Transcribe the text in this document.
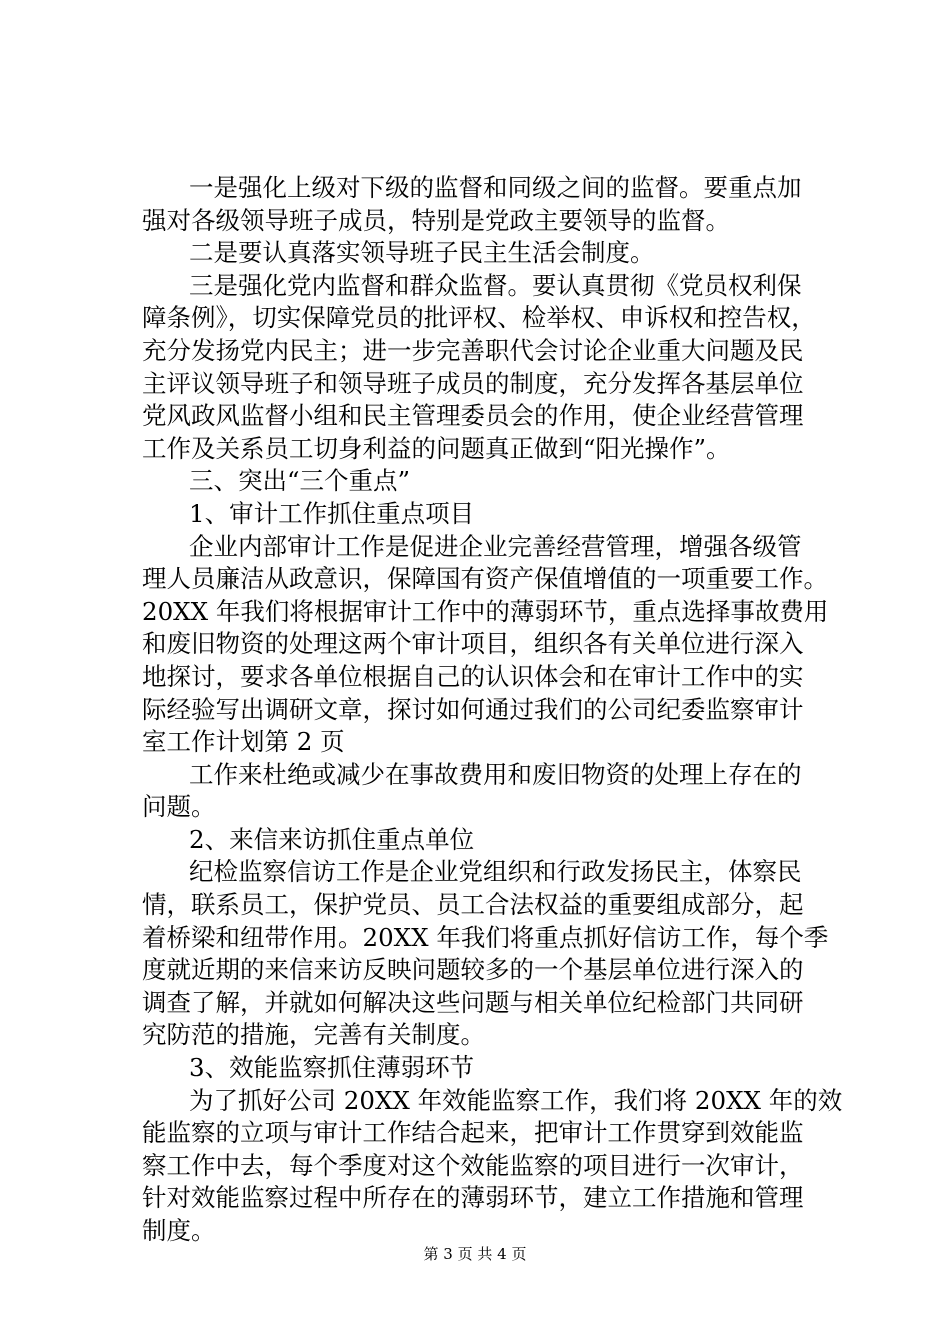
一是强化上级对下级的监督和同级之间的监督。要重点加
强对各级领导班子成员，特别是党政主要领导的监督。
二是要认真落实领导班子民主生活会制度。
三是强化党内监督和群众监督。要认真贯彻《党员权利保
障条例》，切实保障党员的批评权、检举权、申诉权和控告权，
充分发扬党内民主；进一步完善职代会讨论企业重大问题及民
主评议领导班子和领导班子成员的制度，充分发挥各基层单位
党风政风监督小组和民主管理委员会的作用，使企业经营管理
工作及关系员工切身利益的问题真正做到“阳光操作”。
三、突出“三个重点”
1、审计工作抓住重点项目
企业内部审计工作是促进企业完善经营管理，增强各级管
理人员廉洁从政意识，保障国有资产保值增值的一项重要工作。
20XX 年我们将根据审计工作中的薄弱环节，重点选择事故费用
和废旧物资的处理这两个审计项目，组织各有关单位进行深入
地探讨，要求各单位根据自己的认识体会和在审计工作中的实
际经验写出调研文章，探讨如何通过我们的公司纪委监察审计
室工作计划第 2 页
工作来杜绝或减少在事故费用和废旧物资的处理上存在的
问题。
2、来信来访抓住重点单位
纪检监察信访工作是企业党组织和行政发扬民主，体察民
情，联系员工，保护党员、员工合法权益的重要组成部分，起
着桥梁和纽带作用。20XX 年我们将重点抓好信访工作，每个季
度就近期的来信来访反映问题较多的一个基层单位进行深入的
调查了解，并就如何解决这些问题与相关单位纪检部门共同研
究防范的措施，完善有关制度。
3、效能监察抓住薄弱环节
为了抓好公司 20XX 年效能监察工作，我们将 20XX 年的效
能监察的立项与审计工作结合起来，把审计工作贯穿到效能监
察工作中去，每个季度对这个效能监察的项目进行一次审计，
针对效能监察过程中所存在的薄弱环节，建立工作措施和管理
制度。
第 3 页 共 4 页
